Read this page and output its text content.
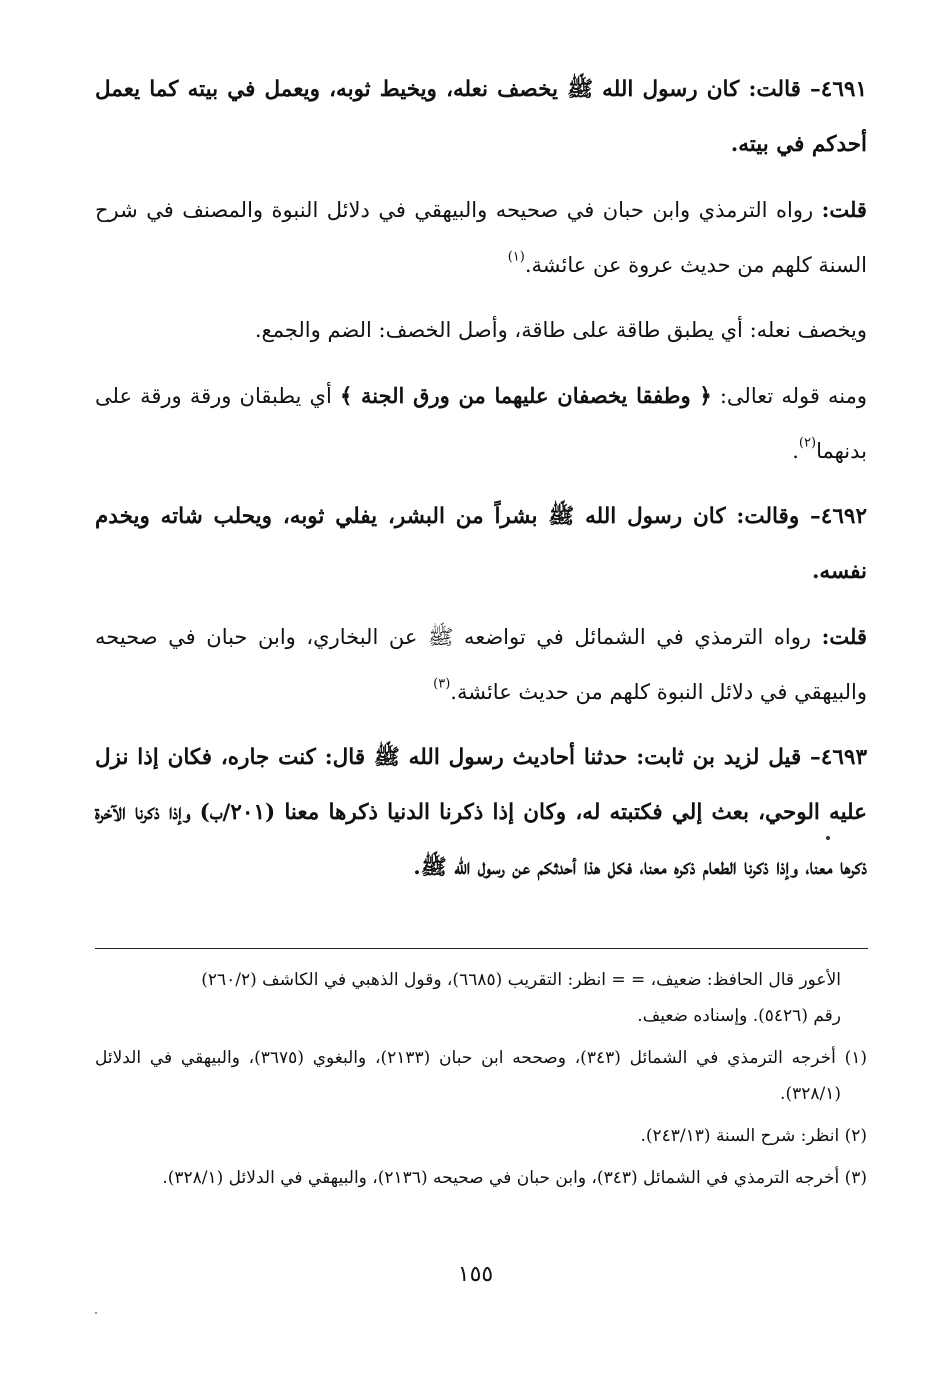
٤٦٩١– قالت: كان رسول الله ﷺ يخصف نعله، ويخيط ثوبه، ويعمل في بيته كما يعمل أحدكم في بيته.

قلت: رواه الترمذي وابن حبان في صحيحه والبيهقي في دلائل النبوة والمصنف في شرح السنة كلهم من حديث عروة عن عائشة.$^{(١)}$

ويخصف نعله: أي يطبق طاقة على طاقة، وأصل الخصف: الضم والجمع.

ومنه قوله تعالى: ﴿ وطفقا يخصفان عليهما من ورق الجنة ﴾ أي يطبقان ورقة ورقة على بدنهما$^{(٢)}$.

٤٦٩٢– وقالت: كان رسول الله ﷺ بشراً من البشر، يفلي ثوبه، ويحلب شاته ويخدم نفسه.

قلت: رواه الترمذي في الشمائل في تواضعه ﷺ عن البخاري، وابن حبان في صحيحه والبيهقي في دلائل النبوة كلهم من حديث عائشة.$^{(٣)}$

٤٦٩٣– قيل لزيد بن ثابت: حدثنا أحاديث رسول الله ﷺ قال: كنت جاره، فكان إذا نزل عليه الوحي، بعث إلي فكتبته له، وكان إذا ذكرنا الدنيا ذكرها معنا (٢٠١/ب) وإذا ذكرنا الآخرة ذكرها معنا، وإذا ذكرنا الطعام ذكره معنا، فكل هذا أحدثكم عن رسول الله ﷺ.

الأعور قال الحافظ: ضعيف، = = انظر: التقريب (٦٦٨٥)، وقول الذهبي في الكاشف (٢٦٠/٢)
رقم (٥٤٢٦). وإسناده ضعيف.

(١) أخرجه الترمذي في الشمائل (٣٤٣)، وصححه ابن حبان (٢١٣٣)، والبغوي (٣٦٧٥)، والبيهقي في الدلائل (٣٢٨/١).

(٢) انظر: شرح السنة (٢٤٣/١٣).

(٣) أخرجه الترمذي في الشمائل (٣٤٣)، وابن حبان في صحيحه (٢١٣٦)، والبيهقي في الدلائل (٣٢٨/١).

١٥٥
